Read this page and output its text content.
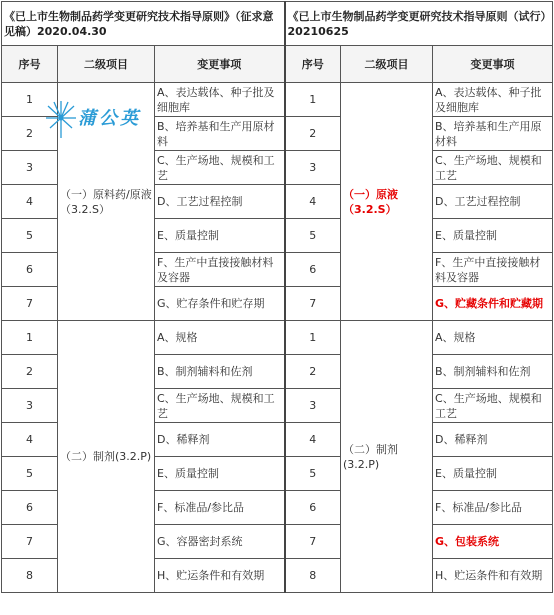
《已上市生物制品药学变更研究技术指导原则》（征求意见稿）2020.04.30			《已上市生物制品药学变更研究技术指导原则（试行）20210625		
序号	二级项目	变更事项	序号	二级项目	变更事项
1	（一）原料药/原液（3.2.S）	A、表达载体、种子批及细胞库	1	（一）原液（3.2.S）	A、表达载体、种子批及细胞库
2		B、培养基和生产用原材料	2		B、培养基和生产用原材料
3		C、生产场地、规模和工艺	3		C、生产场地、规模和工艺
4		D、工艺过程控制	4		D、工艺过程控制
5		E、质量控制	5		E、质量控制
6		F、生产中直接接触材料及容器	6		F、生产中直接接触材料及容器
7		G、贮存条件和贮存期	7		G、贮藏条件和贮藏期
1	（二）制剂(3.2.P)	A、规格	1	（二）制剂(3.2.P)	A、规格
2		B、制剂辅料和佐剂	2		B、制剂辅料和佐剂
3		C、生产场地、规模和工艺	3		C、生产场地、规模和工艺
4		D、稀释剂	4		D、稀释剂
5		E、质量控制	5		E、质量控制
6		F、标准品/参比品	6		F、标准品/参比品
7		G、容器密封系统	7		G、包装系统
8		H、贮运条件和有效期	8		H、贮运条件和有效期
蒲公英
